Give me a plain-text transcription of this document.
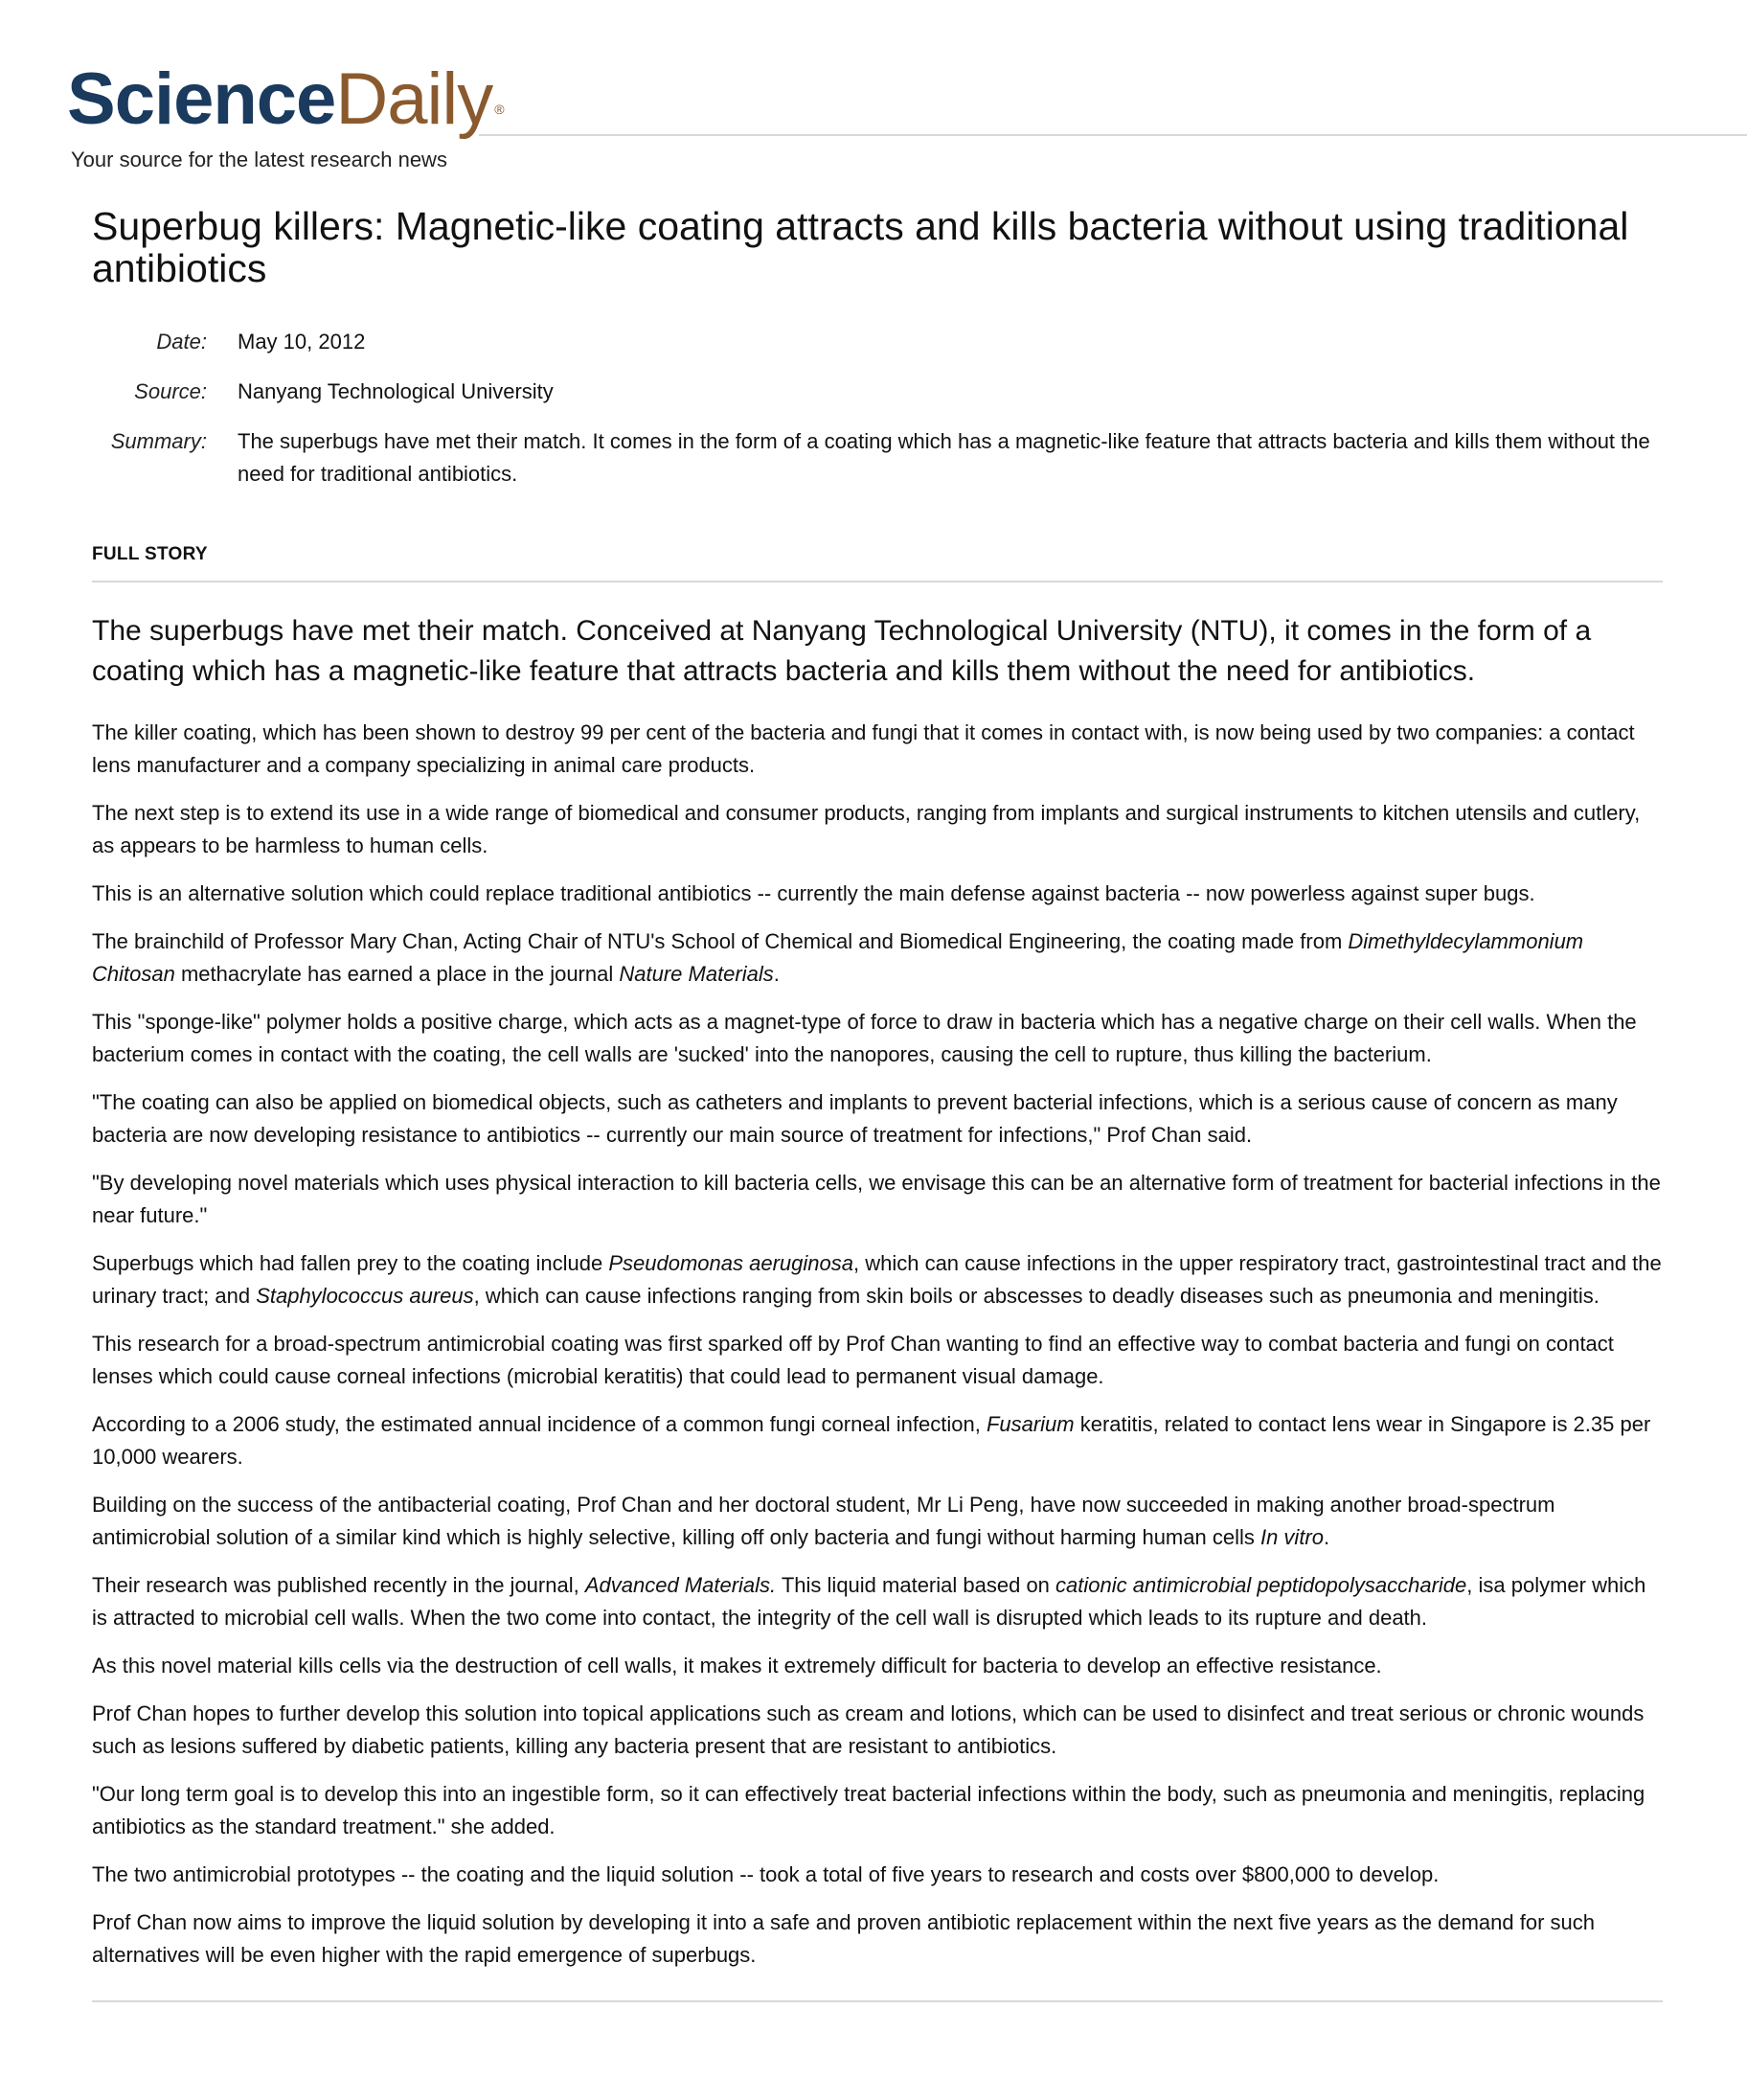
ScienceDaily ®
Your source for the latest research news
Superbug killers: Magnetic-like coating attracts and kills bacteria without using traditional antibiotics
Date: May 10, 2012
Source: Nanyang Technological University
Summary: The superbugs have met their match. It comes in the form of a coating which has a magnetic-like feature that attracts bacteria and kills them without the need for traditional antibiotics.
FULL STORY

The superbugs have met their match. Conceived at Nanyang Technological University (NTU), it comes in the form of a coating which has a magnetic-like feature that attracts bacteria and kills them without the need for antibiotics.

The killer coating, which has been shown to destroy 99 per cent of the bacteria and fungi that it comes in contact with, is now being used by two companies: a contact lens manufacturer and a company specializing in animal care products.

The next step is to extend its use in a wide range of biomedical and consumer products, ranging from implants and surgical instruments to kitchen utensils and cutlery, as appears to be harmless to human cells.

This is an alternative solution which could replace traditional antibiotics -- currently the main defense against bacteria -- now powerless against super bugs.

The brainchild of Professor Mary Chan, Acting Chair of NTU's School of Chemical and Biomedical Engineering, the coating made from Dimethyldecylammonium Chitosan methacrylate has earned a place in the journal Nature Materials.

This "sponge-like" polymer holds a positive charge, which acts as a magnet-type of force to draw in bacteria which has a negative charge on their cell walls. When the bacterium comes in contact with the coating, the cell walls are 'sucked' into the nanopores, causing the cell to rupture, thus killing the bacterium.

"The coating can also be applied on biomedical objects, such as catheters and implants to prevent bacterial infections, which is a serious cause of concern as many bacteria are now developing resistance to antibiotics -- currently our main source of treatment for infections," Prof Chan said.

"By developing novel materials which uses physical interaction to kill bacteria cells, we envisage this can be an alternative form of treatment for bacterial infections in the near future."

Superbugs which had fallen prey to the coating include Pseudomonas aeruginosa, which can cause infections in the upper respiratory tract, gastrointestinal tract and the urinary tract; and Staphylococcus aureus, which can cause infections ranging from skin boils or abscesses to deadly diseases such as pneumonia and meningitis.

This research for a broad-spectrum antimicrobial coating was first sparked off by Prof Chan wanting to find an effective way to combat bacteria and fungi on contact lenses which could cause corneal infections (microbial keratitis) that could lead to permanent visual damage.

According to a 2006 study, the estimated annual incidence of a common fungi corneal infection, Fusarium keratitis, related to contact lens wear in Singapore is 2.35 per 10,000 wearers.

Building on the success of the antibacterial coating, Prof Chan and her doctoral student, Mr Li Peng, have now succeeded in making another broad-spectrum antimicrobial solution of a similar kind which is highly selective, killing off only bacteria and fungi without harming human cells In vitro.

Their research was published recently in the journal, Advanced Materials. This liquid material based on cationic antimicrobial peptidopolysaccharide, isa polymer which is attracted to microbial cell walls. When the two come into contact, the integrity of the cell wall is disrupted which leads to its rupture and death.

As this novel material kills cells via the destruction of cell walls, it makes it extremely difficult for bacteria to develop an effective resistance.

Prof Chan hopes to further develop this solution into topical applications such as cream and lotions, which can be used to disinfect and treat serious or chronic wounds such as lesions suffered by diabetic patients, killing any bacteria present that are resistant to antibiotics.

"Our long term goal is to develop this into an ingestible form, so it can effectively treat bacterial infections within the body, such as pneumonia and meningitis, replacing antibiotics as the standard treatment." she added.

The two antimicrobial prototypes -- the coating and the liquid solution -- took a total of five years to research and costs over $800,000 to develop.

Prof Chan now aims to improve the liquid solution by developing it into a safe and proven antibiotic replacement within the next five years as the demand for such alternatives will be even higher with the rapid emergence of superbugs.
